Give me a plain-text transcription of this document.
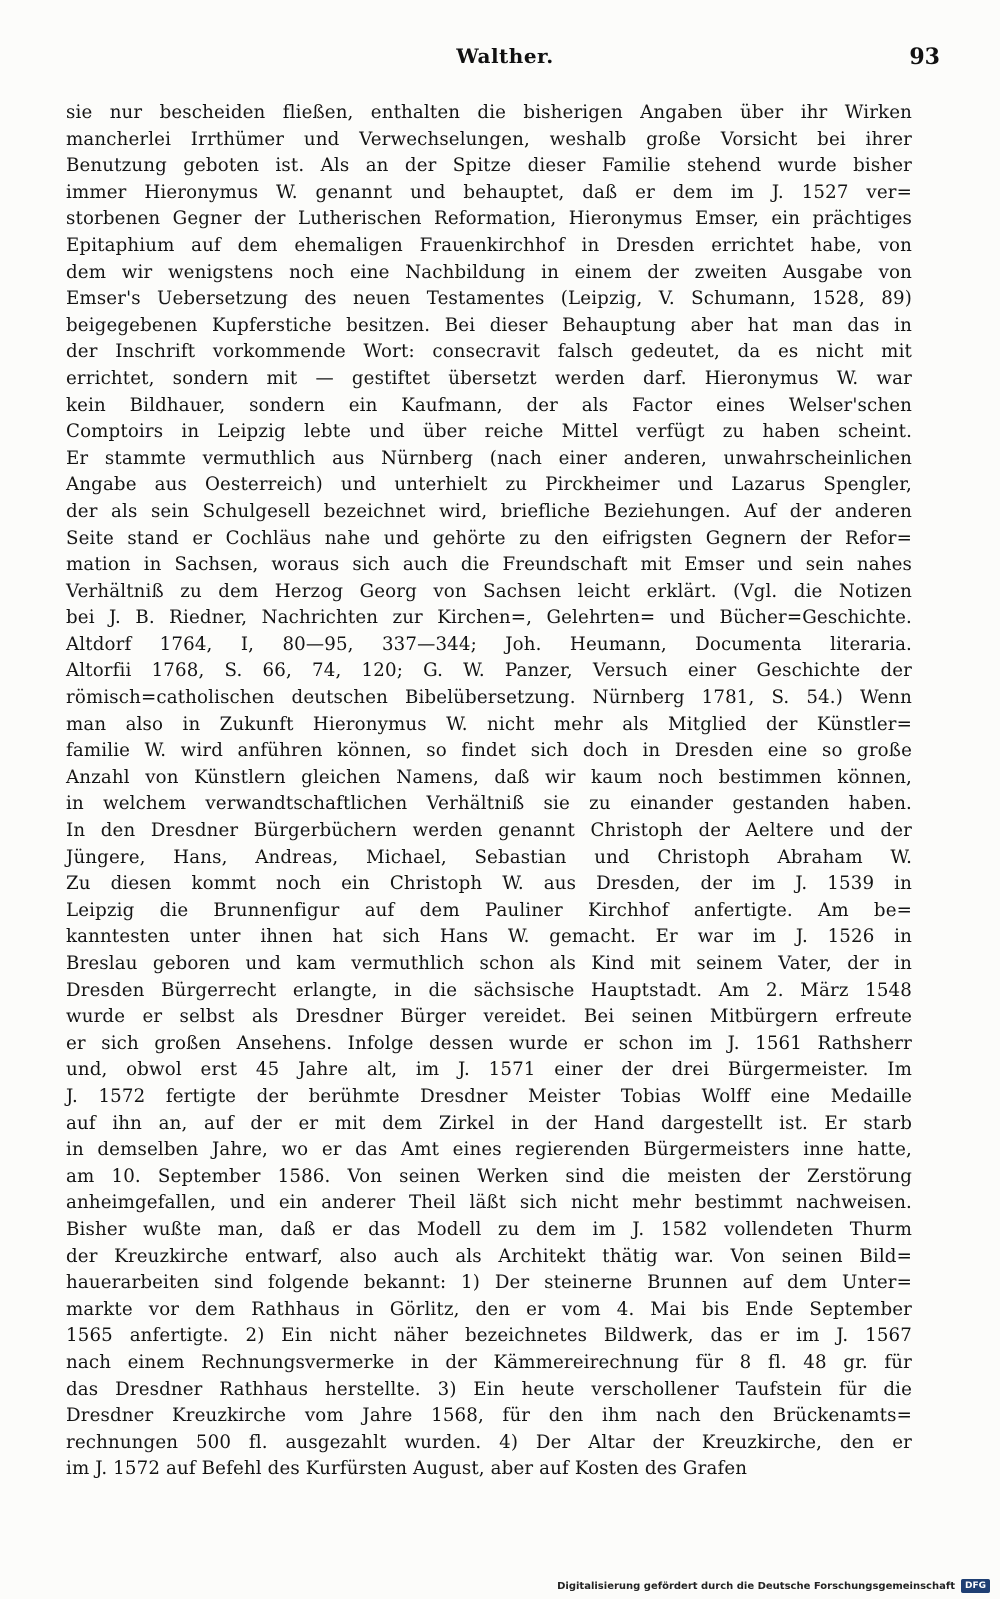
Walther.	93
sie nur bescheiden fließen, enthalten die bisherigen Angaben über ihr Wirken
mancherlei Irrthümer und Verwechselungen, weshalb große Vorsicht bei ihrer
Benutzung geboten ist. Als an der Spitze dieser Familie stehend wurde bisher
immer Hieronymus W. genannt und behauptet, daß er dem im J. 1527 ver=
storbenen Gegner der Lutherischen Reformation, Hieronymus Emser, ein prächtiges
Epitaphium auf dem ehemaligen Frauenkirchhof in Dresden errichtet habe, von
dem wir wenigstens noch eine Nachbildung in einem der zweiten Ausgabe von
Emser's Uebersetzung des neuen Testamentes (Leipzig, V. Schumann, 1528, 89)
beigegebenen Kupferstiche besitzen. Bei dieser Behauptung aber hat man das in
der Inschrift vorkommende Wort: consecravit falsch gedeutet, da es nicht mit
errichtet, sondern mit — gestiftet übersetzt werden darf. Hieronymus W. war
kein Bildhauer, sondern ein Kaufmann, der als Factor eines Welser'schen
Comptoirs in Leipzig lebte und über reiche Mittel verfügt zu haben scheint.
Er stammte vermuthlich aus Nürnberg (nach einer anderen, unwahrscheinlichen
Angabe aus Oesterreich) und unterhielt zu Pirckheimer und Lazarus Spengler,
der als sein Schulgesell bezeichnet wird, briefliche Beziehungen. Auf der anderen
Seite stand er Cochläus nahe und gehörte zu den eifrigsten Gegnern der Refor=
mation in Sachsen, woraus sich auch die Freundschaft mit Emser und sein nahes
Verhältniß zu dem Herzog Georg von Sachsen leicht erklärt. (Vgl. die Notizen
bei J. B. Riedner, Nachrichten zur Kirchen=, Gelehrten= und Bücher=Geschichte.
Altdorf 1764, I, 80—95, 337—344; Joh. Heumann, Documenta literaria.
Altorfii 1768, S. 66, 74, 120; G. W. Panzer, Versuch einer Geschichte der
römisch=catholischen deutschen Bibelübersetzung. Nürnberg 1781, S. 54.) Wenn
man also in Zukunft Hieronymus W. nicht mehr als Mitglied der Künstler=
familie W. wird anführen können, so findet sich doch in Dresden eine so große
Anzahl von Künstlern gleichen Namens, daß wir kaum noch bestimmen können,
in welchem verwandtschaftlichen Verhältniß sie zu einander gestanden haben.
In den Dresdner Bürgerbüchern werden genannt Christoph der Aeltere und der
Jüngere, Hans, Andreas, Michael, Sebastian und Christoph Abraham W.
Zu diesen kommt noch ein Christoph W. aus Dresden, der im J. 1539 in
Leipzig die Brunnenfigur auf dem Pauliner Kirchhof anfertigte. Am be=
kanntesten unter ihnen hat sich Hans W. gemacht. Er war im J. 1526 in
Breslau geboren und kam vermuthlich schon als Kind mit seinem Vater, der in
Dresden Bürgerrecht erlangte, in die sächsische Hauptstadt. Am 2. März 1548
wurde er selbst als Dresdner Bürger vereidet. Bei seinen Mitbürgern erfreute
er sich großen Ansehens. Infolge dessen wurde er schon im J. 1561 Rathsherr
und, obwol erst 45 Jahre alt, im J. 1571 einer der drei Bürgermeister. Im
J. 1572 fertigte der berühmte Dresdner Meister Tobias Wolff eine Medaille
auf ihn an, auf der er mit dem Zirkel in der Hand dargestellt ist. Er starb
in demselben Jahre, wo er das Amt eines regierenden Bürgermeisters inne hatte,
am 10. September 1586. Von seinen Werken sind die meisten der Zerstörung
anheimgefallen, und ein anderer Theil läßt sich nicht mehr bestimmt nachweisen.
Bisher wußte man, daß er das Modell zu dem im J. 1582 vollendeten Thurm
der Kreuzkirche entwarf, also auch als Architekt thätig war. Von seinen Bild=
hauerarbeiten sind folgende bekannt: 1) Der steinerne Brunnen auf dem Unter=
markte vor dem Rathhaus in Görlitz, den er vom 4. Mai bis Ende September
1565 anfertigte. 2) Ein nicht näher bezeichnetes Bildwerk, das er im J. 1567
nach einem Rechnungsvermerke in der Kämmereirechnung für 8 fl. 48 gr. für
das Dresdner Rathhaus herstellte. 3) Ein heute verschollener Taufstein für die
Dresdner Kreuzkirche vom Jahre 1568, für den ihm nach den Brückenamts=
rechnungen 500 fl. ausgezahlt wurden. 4) Der Altar der Kreuzkirche, den er
im J. 1572 auf Befehl des Kurfürsten August, aber auf Kosten des Grafen
Digitalisierung gefördert durch die Deutsche Forschungsgemeinschaft	DFG
